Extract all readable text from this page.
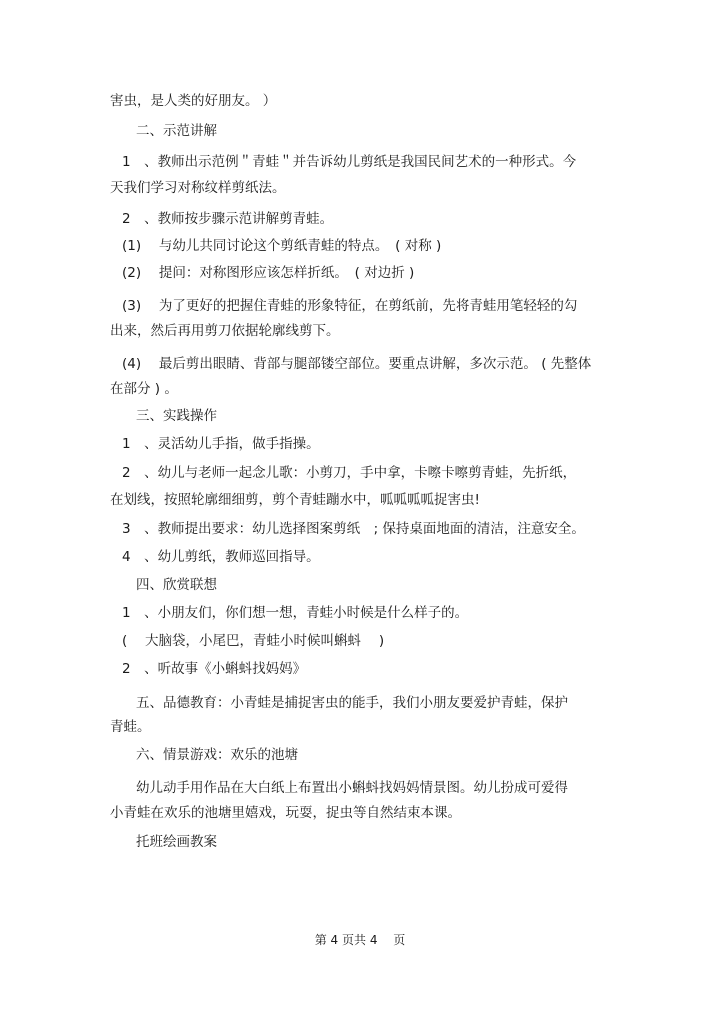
害虫，是人类的好朋友。 ）
二、示范讲解
1　、教师出示范例＂青蛙＂并告诉幼儿剪纸是我国民间艺术的一种形式。今
天我们学习对称纹样剪纸法。
2　、教师按步骤示范讲解剪青蛙。
(1)　 与幼儿共同讨论这个剪纸青蛙的特点。　( 对称 )
(2)　 提问：对称图形应该怎样折纸。　( 对边折 )
(3)　 为了更好的把握住青蛙的形象特征，在剪纸前，先将青蛙用笔轻轻的勾
出来，然后再用剪刀依据轮廓线剪下。
(4)　 最后剪出眼睛、背部与腿部镂空部位。要重点讲解，多次示范。 ( 先整体
在部分 ) 。
三、实践操作
1　、灵活幼儿手指，做手指操。
2　、幼儿与老师一起念儿歌：小剪刀，手中拿，卡嚓卡嚓剪青蛙，先折纸，
在划线，按照轮廓细细剪，剪个青蛙蹦水中，呱呱呱呱捉害虫!
3　、教师提出要求：幼儿选择图案剪纸　; 保持桌面地面的清洁，注意安全。
4　、幼儿剪纸，教师巡回指导。
四、欣赏联想
1　、小朋友们，你们想一想，青蛙小时候是什么样子的。
(　 大脑袋，小尾巴，青蛙小时候叫蝌蚪　 )
2　、听故事《小蝌蚪找妈妈》
五、品德教育：小青蛙是捕捉害虫的能手，我们小朋友要爱护青蛙，保护
青蛙。
六、情景游戏：欢乐的池塘
幼儿动手用作品在大白纸上布置出小蝌蚪找妈妈情景图。幼儿扮成可爱得
小青蛙在欢乐的池塘里嬉戏，玩耍，捉虫等自然结束本课。
托班绘画教案
第 4 页共 4　 页
